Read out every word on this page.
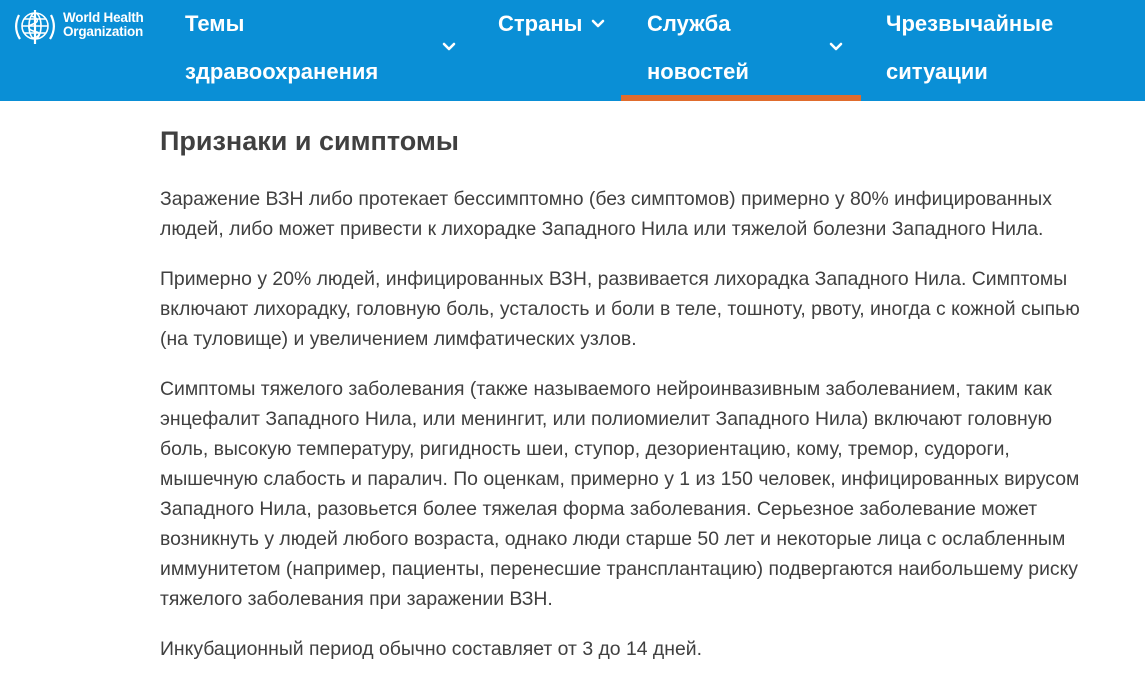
World Health
Organization Темы
здравоохранения
Страны	Служба
новостей
Чрезвычайные
ситуации
Признаки и симптомы

Заражение ВЗН либо протекает бессимптомно (без симптомов) примерно у 80% инфицированных людей, либо может привести к лихорадке Западного Нила или тяжелой болезни Западного Нила.

Примерно у 20% людей, инфицированных ВЗН, развивается лихорадка Западного Нила. Симптомы включают лихорадку, головную боль, усталость и боли в теле, тошноту, рвоту, иногда с кожной сыпью (на туловище) и увеличением лимфатических узлов.

Симптомы тяжелого заболевания (также называемого нейроинвазивным заболеванием, таким как энцефалит Западного Нила, или менингит, или полиомиелит Западного Нила) включают головную боль, высокую температуру, ригидность шеи, ступор, дезориентацию, кому, тремор, судороги, мышечную слабость и паралич. По оценкам, примерно у 1 из 150 человек, инфицированных вирусом Западного Нила, разовьется более тяжелая форма заболевания. Серьезное заболевание может возникнуть у людей любого возраста, однако люди старше 50 лет и некоторые лица с ослабленным иммунитетом (например, пациенты, перенесшие трансплантацию) подвергаются наибольшему риску тяжелого заболевания при заражении ВЗН.

Инкубационный период обычно составляет от 3 до 14 дней.
